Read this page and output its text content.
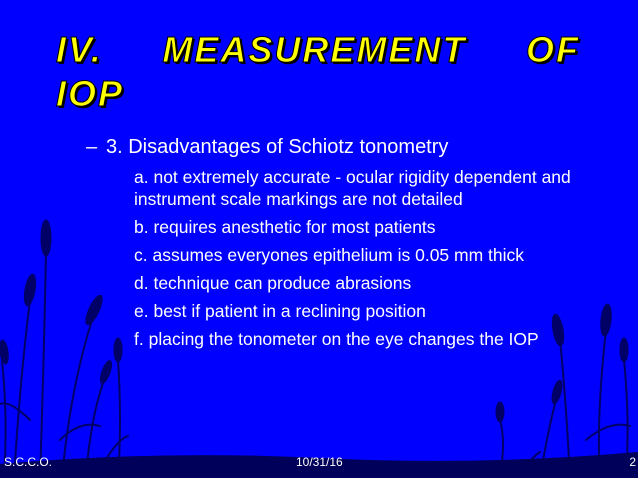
IV. MEASUREMENT OF
IOP

– 3. Disadvantages of Schiotz tonometry

a. not extremely accurate - ocular rigidity dependent and instrument scale markings are not detailed
b. requires anesthetic for most patients
c. assumes everyones epithelium is 0.05 mm thick
d. technique can produce abrasions
e. best if patient in a reclining position
f. placing the tonometer on the eye changes the IOP
S.C.C.O.	10/31/16	2
